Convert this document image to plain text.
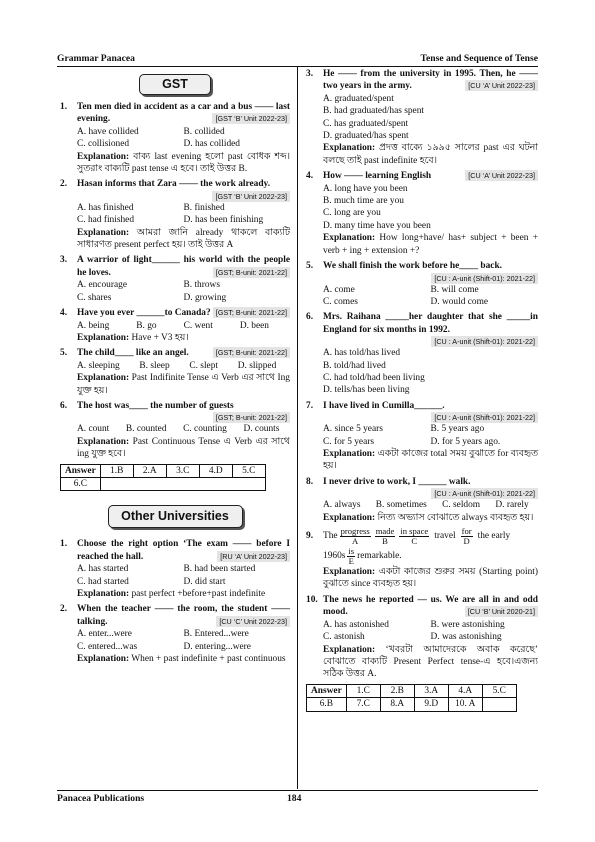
Grammar Panacea	Tense and Sequence of Tense
GST
1.	Ten men died in accident as a car and a bus —— last evening.	[GST ‘B’ Unit 2022-23]
A. have collided	B. collided
C. collisioned	D. has collided
Explanation: বাক্য last evening হলো past বোধক শব্দ। সুতরাং বাক্যটি past tense এ হবে। তাই উত্তর B.
2.	Hasan informs that Zara —— the work already.
[GST ‘B’ Unit 2022-23]
A. has finished	B. finished
C. had finished	D. has been finishing
Explanation: আমরা জানি already থাকলে বাক্যটি সাধারণত present perfect হয়। তাই উত্তর A
3.	A warrior of light______ his world with the people he loves.	[GST; B-unit: 2021-22]
A. encourage	B. throws
C. shares	D. growing
4.	Have you ever ______to Canada? [GST; B-unit: 2021-22]
A. being	B. go	C. went	D. been
Explanation: Have + V3 হয়।
5.	The child____ like an angel.	[GST; B-unit: 2021-22]
A. sleeping	B. sleep	C. slept	D. slipped
Explanation: Past Indifinite Tense এ Verb এর সাথে Ing যুক্ত হয়।
6.	The host was____ the number of guests
[GST; B-unit: 2021-22]
A. count	B. counted	C. counting	D. counts
Explanation: Past Continuous Tense এ Verb এর সাথে ing যুক্ত হবে।
Answer	1.B	2.A	3.C	4.D	5.C
6.C					
Other Universities
1.	Choose the right option ‘The exam —— before I reached the hall.	[RU ‘A’ Unit 2022-23]
A. has started	B. had been started
C. had started	D. did start
Explanation: past perfect +before+past indefinite
2.	When the teacher —— the room, the student —— talking.	[CU ‘C’ Unit 2022-23]
A. enter...were	B. Entered...were
C. entered...was	D. entering...were
Explanation: When + past indefinite + past continuous
3.	He —— from the university in 1995. Then, he —— two years in the army.	[CU ‘A’ Unit 2022-23]
A. graduated/spent
B. had graduated/has spent
C. has graduated/spent
D. graduated/has spent
Explanation: প্রদত্ত বাক্যে ১৯৯৫ সালের past এর ঘটনা বলছে তাই past indefinite হবে।
4.	How —— learning English	[CU ‘A’ Unit 2022-23]
A. long have you been
B. much time are you
C. long are you
D. many time have you been
Explanation: How long+have/ has+ subject + been + verb + ing + extension +?
5.	We shall finish the work before he____ back.
[CU : A-unit (Shift-01): 2021-22]
A. come	B. will come
C. comes	D. would come
6.	Mrs. Raihana _____her daughter that she _____in England for six months in 1992.
[CU : A-unit (Shift-01): 2021-22]
A. has told/has lived
B. told/had lived
C. had told/had been living
D. tells/has been living
7.	I have lived in Cumilla______.
[CU : A-unit (Shift-01): 2021-22]
A. since 5 years	B. 5 years ago
C. for 5 years	D. for 5 years ago.
Explanation: একটা কাজের total সময় বুঝাতে for ব্যবহৃত হয়।
8.	I never drive to work, I ______ walk.
[CU : A-unit (Shift-01): 2021-22]
A. always	B. sometimes	C. seldom	D. rarely
Explanation: নিত্য অভ্যাস বোঝাতে always ব্যবহৃত হয়।
9.	The $\frac{\text{progress}}{A} \frac{\text{made}}{B} \frac{\text{in space}}{C}$ travel $\frac{\text{for}}{D}$ the early
$1960s \frac{is}{E}$ remarkable.
Explanation: একটা কাজের শুরুর সময় (Starting point) বুঝাতে since ব্যবহৃত হয়।
10. The news he reported — us. We are all in and odd mood.	[CU ‘B’ Unit 2020-21]
A. has astonished	B. were astonishing
C. astonish	D. was astonishing
Explanation: ‘খবরটা আমাদেরকে অবাক করেছে’ বোঝাতে বাক্যটি Present Perfect tense-এ হবে।এজন্য সঠিক উত্তর A.
Answer	1.C	2.B	3.A	4.A	5.C
6.B	7.C	8.A	9.D	10. A	
Panacea Publications	184
